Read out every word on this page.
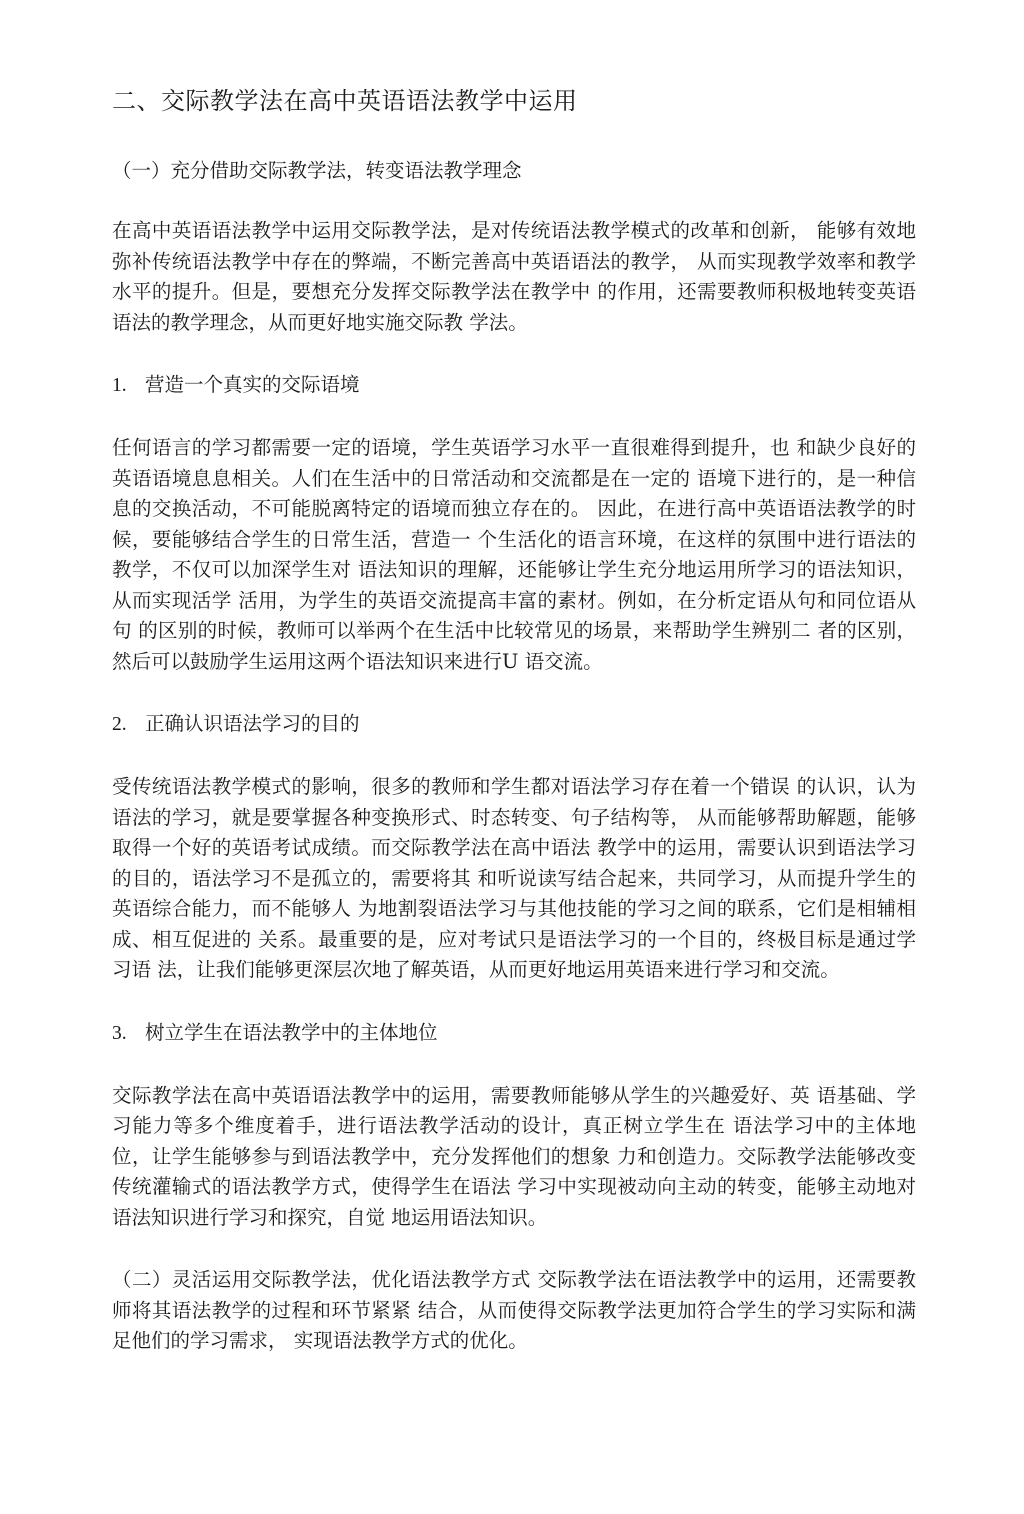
二、交际教学法在高中英语语法教学中运用
（一）充分借助交际教学法，转变语法教学理念
在高中英语语法教学中运用交际教学法，是对传统语法教学模式的改革和创新， 能够有效地弥补传统语法教学中存在的弊端，不断完善高中英语语法的教学， 从而实现教学效率和教学水平的提升。但是，要想充分发挥交际教学法在教学中 的作用，还需要教师积极地转变英语语法的教学理念，从而更好地实施交际教 学法。
1. 营造一个真实的交际语境
任何语言的学习都需要一定的语境，学生英语学习水平一直很难得到提升，也 和缺少良好的英语语境息息相关。人们在生活中的日常活动和交流都是在一定的 语境下进行的，是一种信息的交换活动，不可能脱离特定的语境而独立存在的。 因此，在进行高中英语语法教学的时候，要能够结合学生的日常生活，营造一 个生活化的语言环境，在这样的氛围中进行语法的教学，不仅可以加深学生对 语法知识的理解，还能够让学生充分地运用所学习的语法知识，从而实现活学 活用，为学生的英语交流提高丰富的素材。例如，在分析定语从句和同位语从句 的区别的时候，教师可以举两个在生活中比较常见的场景，来帮助学生辨别二 者的区别，然后可以鼓励学生运用这两个语法知识来进行U 语交流。
2. 正确认识语法学习的目的
受传统语法教学模式的影响，很多的教师和学生都对语法学习存在着一个错误 的认识，认为语法的学习，就是要掌握各种变换形式、时态转变、句子结构等， 从而能够帮助解题，能够取得一个好的英语考试成绩。而交际教学法在高中语法 教学中的运用，需要认识到语法学习的目的，语法学习不是孤立的，需要将其 和听说读写结合起来，共同学习，从而提升学生的英语综合能力，而不能够人 为地割裂语法学习与其他技能的学习之间的联系，它们是相辅相成、相互促进的 关系。最重要的是，应对考试只是语法学习的一个目的，终极目标是通过学习语 法，让我们能够更深层次地了解英语，从而更好地运用英语来进行学习和交流。
3. 树立学生在语法教学中的主体地位
交际教学法在高中英语语法教学中的运用，需要教师能够从学生的兴趣爱好、英 语基础、学习能力等多个维度着手，进行语法教学活动的设计，真正树立学生在 语法学习中的主体地位，让学生能够参与到语法教学中，充分发挥他们的想象 力和创造力。交际教学法能够改变传统灌输式的语法教学方式，使得学生在语法 学习中实现被动向主动的转变，能够主动地对语法知识进行学习和探究，自觉 地运用语法知识。
（二）灵活运用交际教学法，优化语法教学方式 交际教学法在语法教学中的运用，还需要教师将其语法教学的过程和环节紧紧 结合，从而使得交际教学法更加符合学生的学习实际和满足他们的学习需求， 实现语法教学方式的优化。
